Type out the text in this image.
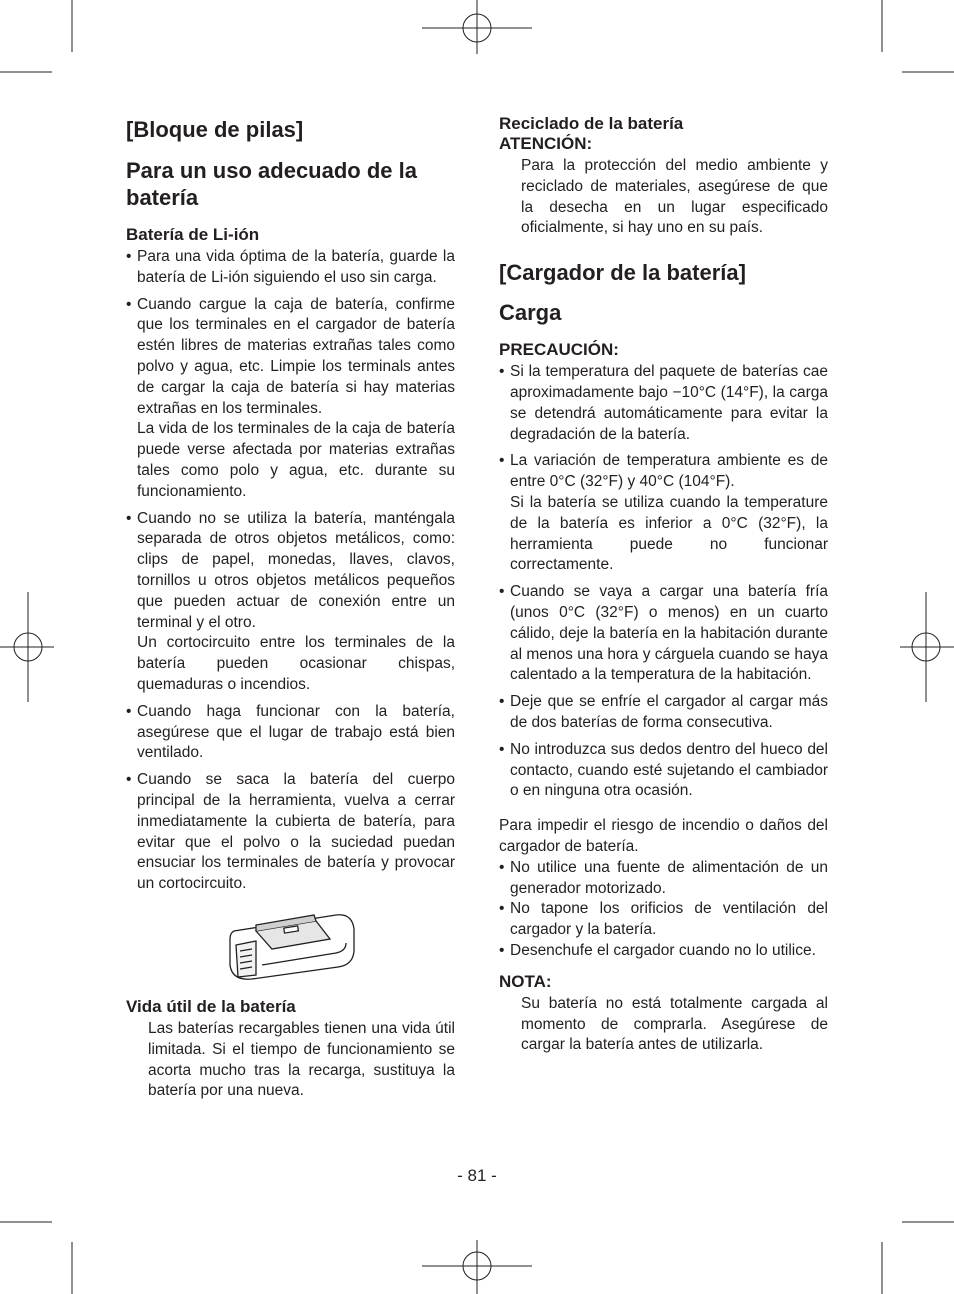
[Bloque de pilas]
Para un uso adecuado de la batería
Batería de Li-ión
• Para una vida óptima de la batería, guarde la batería de Li-ión siguiendo el uso sin carga.
• Cuando cargue la caja de batería, confirme que los terminales en el cargador de batería estén libres de materias extrañas tales como polvo y agua, etc. Limpie los terminals antes de cargar la caja de batería si hay materias extrañas en los terminales.
La vida de los terminales de la caja de batería puede verse afectada por materias extrañas tales como polo y agua, etc. durante su funcionamiento.
• Cuando no se utiliza la batería, manténgala separada de otros objetos metálicos, como: clips de papel, monedas, llaves, clavos, tornillos u otros objetos metálicos pequeños que pueden actuar de conexión entre un terminal y el otro.
Un cortocircuito entre los terminales de la batería pueden ocasionar chispas, quemaduras o incendios.
• Cuando haga funcionar con la batería, asegúrese que el lugar de trabajo está bien ventilado.
• Cuando se saca la batería del cuerpo principal de la herramienta, vuelva a cerrar inmediatamente la cubierta de batería, para evitar que el polvo o la suciedad puedan ensuciar los terminales de batería y provocar un cortocircuito.
Vida útil de la batería

Las baterías recargables tienen una vida útil limitada. Si el tiempo de funcionamiento se acorta mucho tras la recarga, sustituya la batería por una nueva.

Reciclado de la batería
ATENCIÓN:

Para la protección del medio ambiente y reciclado de materiales, asegúrese de que la desecha en un lugar especificado oficialmente, si hay uno en su país.

[Cargador de la batería]
Carga
PRECAUCIÓN:
• Si la temperatura del paquete de baterías cae aproximadamente bajo −10°C (14°F), la carga se detendrá automáticamente para evitar la degradación de la batería.
• La variación de temperatura ambiente es de entre 0°C (32°F) y 40°C (104°F).
Si la batería se utiliza cuando la temperature de la batería es inferior a 0°C (32°F), la herramienta puede no funcionar correctamente.
• Cuando se vaya a cargar una batería fría (unos 0°C (32°F) o menos) en un cuarto cálido, deje la batería en la habitación durante al menos una hora y cárguela cuando se haya calentado a la temperatura de la habitación.
• Deje que se enfríe el cargador al cargar más de dos baterías de forma consecutiva.
• No introduzca sus dedos dentro del hueco del contacto, cuando esté sujetando el cambiador o en ninguna otra ocasión.

Para impedir el riesgo de incendio o daños del cargador de batería.

• No utilice una fuente de alimentación de un generador motorizado.
• No tapone los orificios de ventilación del cargador y la batería.
• Desenchufe el cargador cuando no lo utilice.
NOTA:

Su batería no está totalmente cargada al momento de comprarla. Asegúrese de cargar la batería antes de utilizarla.

- 81 -
